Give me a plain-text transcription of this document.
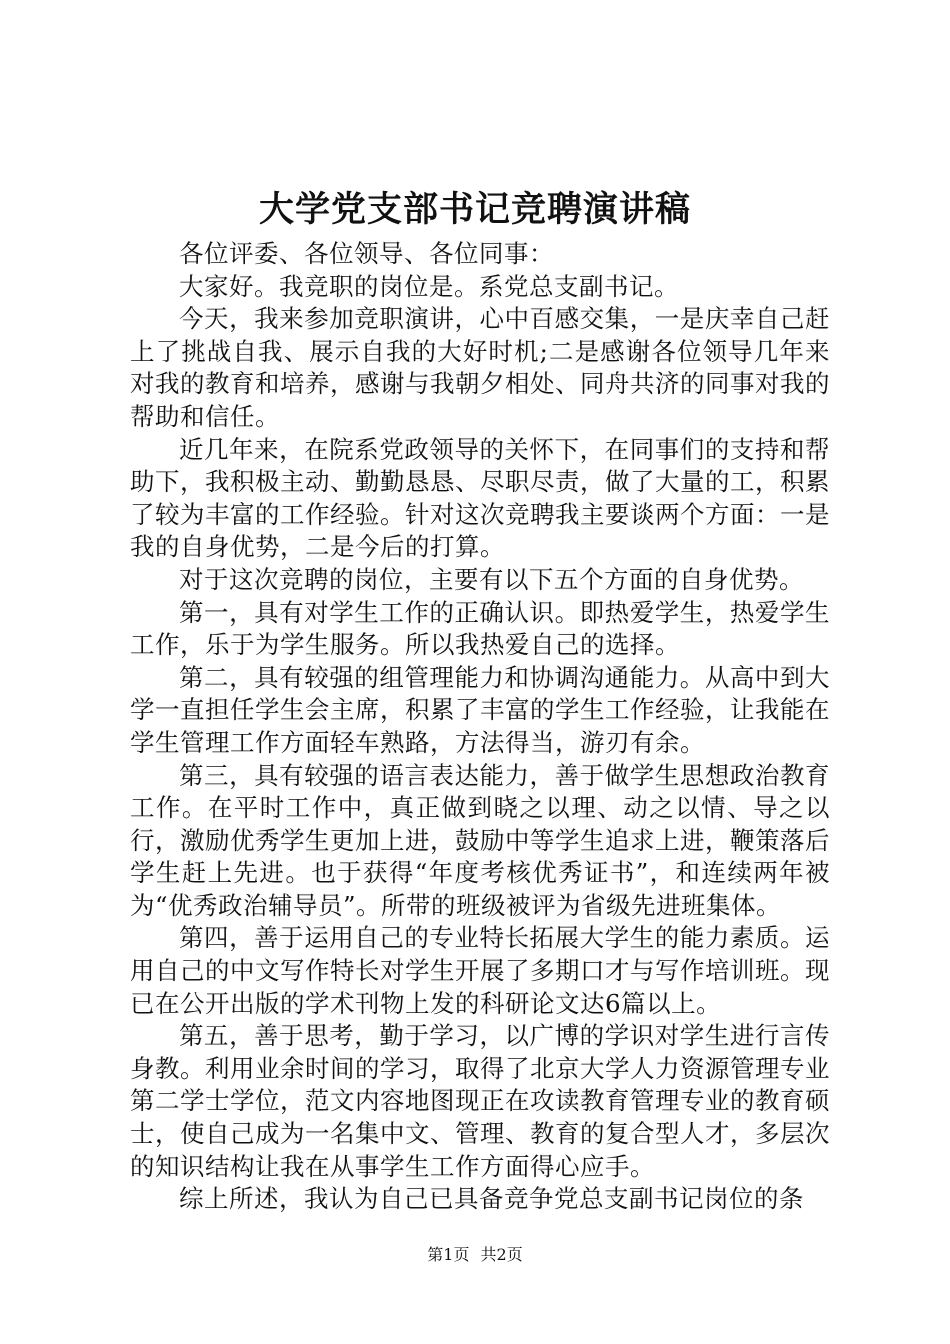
大学党支部书记竞聘演讲稿

各位评委、各位领导、各位同事：

大家好。我竞职的岗位是。系党总支副书记。

今天，我来参加竞职演讲，心中百感交集，一是庆幸自己赶上了挑战自我、展示自我的大好时机;二是感谢各位领导几年来对我的教育和培养，感谢与我朝夕相处、同舟共济的同事对我的帮助和信任。

近几年来，在院系党政领导的关怀下，在同事们的支持和帮助下，我积极主动、勤勤恳恳、尽职尽责，做了大量的工，积累了较为丰富的工作经验。针对这次竞聘我主要谈两个方面：一是我的自身优势，二是今后的打算。

对于这次竞聘的岗位，主要有以下五个方面的自身优势。

第一，具有对学生工作的正确认识。即热爱学生，热爱学生工作，乐于为学生服务。所以我热爱自己的选择。

第二，具有较强的组管理能力和协调沟通能力。从高中到大学一直担任学生会主席，积累了丰富的学生工作经验，让我能在学生管理工作方面轻车熟路，方法得当，游刃有余。

第三，具有较强的语言表达能力，善于做学生思想政治教育工作。在平时工作中，真正做到晓之以理、动之以情、导之以行，激励优秀学生更加上进，鼓励中等学生追求上进，鞭策落后学生赶上先进。也于获得“年度考核优秀证书”，和连续两年被为“优秀政治辅导员”。所带的班级被评为省级先进班集体。

第四，善于运用自己的专业特长拓展大学生的能力素质。运用自己的中文写作特长对学生开展了多期口才与写作培训班。现已在公开出版的学术刊物上发的科研论文达6篇以上。

第五，善于思考，勤于学习，以广博的学识对学生进行言传身教。利用业余时间的学习，取得了北京大学人力资源管理专业第二学士学位，范文内容地图现正在攻读教育管理专业的教育硕士，使自己成为一名集中文、管理、教育的复合型人才，多层次的知识结构让我在从事学生工作方面得心应手。

综上所述，我认为自己已具备竞争党总支副书记岗位的条

第1页 共2页
